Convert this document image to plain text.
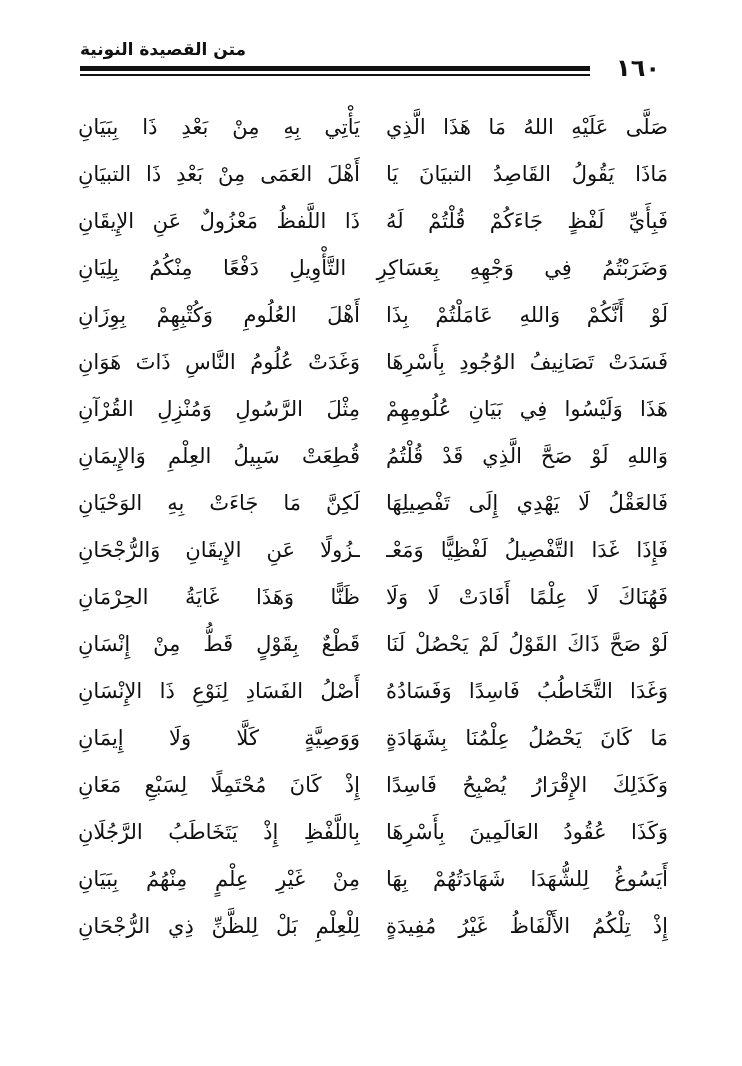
متن القصيدة النونية
١٦٠
صَلَّى عَلَيْهِ اللهُ مَا هَذَا الَّذِي
يَأْتِي بِهِ مِنْ بَعْدِ ذَا بِبَيَانِ
مَاذَا يَقُولُ القَاصِدُ التبيَانَ يَا
أَهْلَ العَمَى مِنْ بَعْدِ ذَا التبيَانِ
فَبِأَيِّ لَفْظٍ جَاءَكُمْ قُلْتُمْ لَهُ
ذَا اللَّفظُ مَعْزُولٌ عَنِ الإِيقَانِ
وَضَرَبْتُمُ فِي وَجْهِهِ بِعَسَاكِرِ التَّأْوِيلِ دَفْعًا مِنْكُمُ بِلِيَانِ
لَوْ أَنَّكُمْ وَاللهِ عَامَلْتُمْ بِذَا
أَهْلَ العُلُومِ وَكُتْبِهِمْ بِوِزَانِ
فَسَدَتْ تَصَانِيفُ الوُجُودِ بِأَسْرِهَا
وَغَدَتْ عُلُومُ النَّاسِ ذَاتَ هَوَانِ
هَذَا وَلَيْسُوا فِي بَيَانِ عُلُومِهِمْ
مِثْلَ الرَّسُولِ وَمُنْزِلِ القُرْآنِ
وَاللهِ لَوْ صَحَّ الَّذِي قَدْ قُلْتُمُ
قُطِعَتْ سَبِيلُ العِلْمِ وَالإِيمَانِ
فَالعَقْلُ لَا يَهْدِي إِلَى تَفْصِيلِهَا
لَكِنَّ مَا جَاءَتْ بِهِ الوَحْيَانِ
فَإِذَا غَدَا التَّفْصِيلُ لَفْظِيًّا وَمَعْـ
ـزُولًا عَنِ الإِيقَانِ وَالرُّجْحَانِ
فَهُنَاكَ لَا عِلْمًا أَفَادَتْ لَا وَلَا
ظَنًّا وَهَذَا غَايَةُ الحِرْمَانِ
لَوْ صَحَّ ذَاكَ القَوْلُ لَمْ يَحْصُلْ لَنَا
قَطْعٌ بِقَوْلٍ قَطُّ مِنْ إِنْسَانِ
وَغَدَا التَّخَاطُبُ فَاسِدًا وَفَسَادُهُ
أَصْلُ الفَسَادِ لِنَوْعِ ذَا الإِنْسَانِ
مَا كَانَ يَحْصُلُ عِلْمُنَا بِشَهَادَةٍ
وَوَصِيَّةٍ كَلَّا وَلَا إِيمَانِ
وَكَذَلِكَ الإِقْرَارُ يُصْبِحُ فَاسِدًا
إِذْ كَانَ مُحْتَمِلًا لِسَبْعِ مَعَانِ
وَكَذَا عُقُودُ العَالَمِينَ بِأَسْرِهَا
بِاللَّفْظِ إِذْ يَتَخَاطَبُ الرَّجُلَانِ
أَيَسُوغُ لِلشُّهَدَا شَهَادَتُهُمْ بِهَا
مِنْ غَيْرِ عِلْمٍ مِنْهُمُ بِبَيَانِ
إِذْ تِلْكُمُ الأَلْفَاظُ غَيْرُ مُفِيدَةٍ
لِلْعِلْمِ بَلْ لِلظَّنِّ ذِي الرُّجْحَانِ
